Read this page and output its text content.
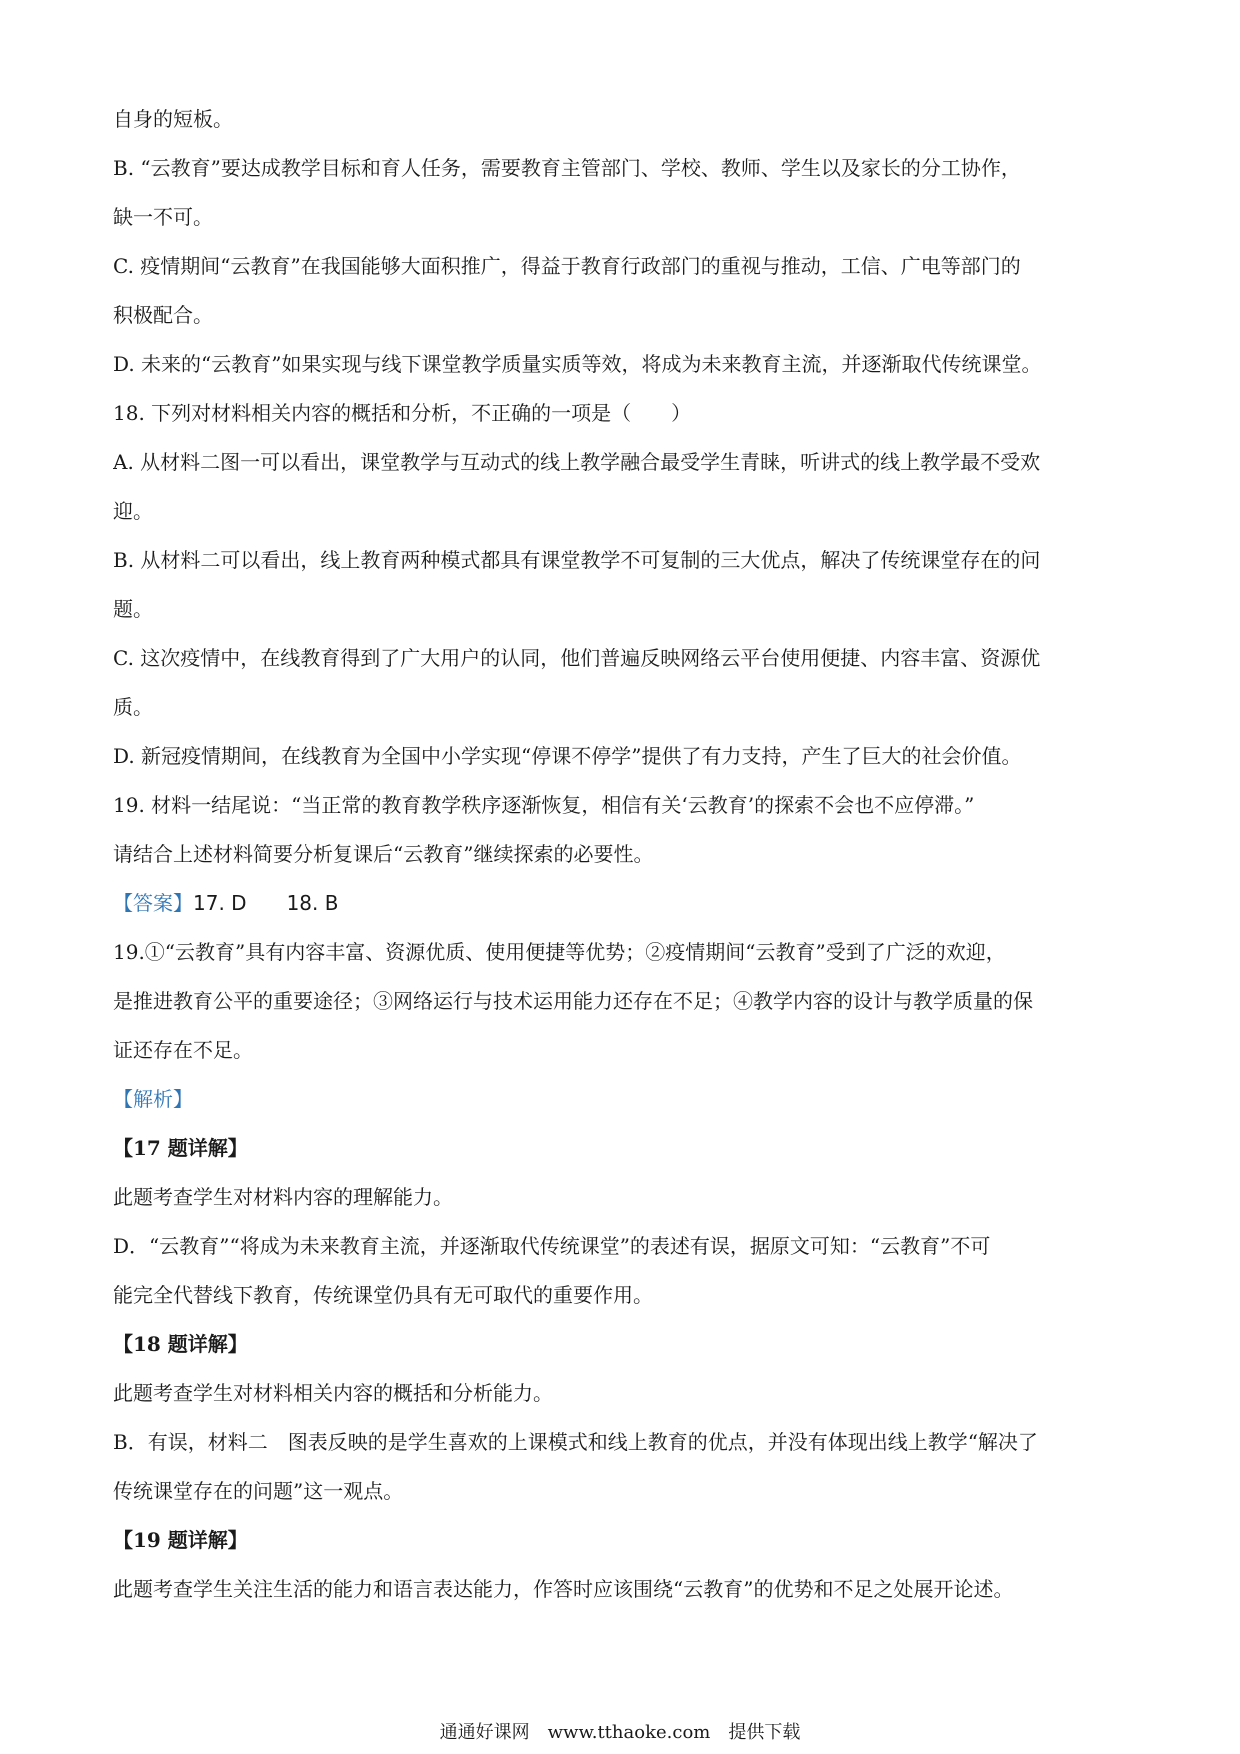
自身的短板。
B. “云教育”要达成教学目标和育人任务，需要教育主管部门、学校、教师、学生以及家长的分工协作，
缺一不可。
C. 疫情期间“云教育”在我国能够大面积推广，得益于教育行政部门的重视与推动，工信、广电等部门的
积极配合。
D. 未来的“云教育”如果实现与线下课堂教学质量实质等效，将成为未来教育主流，并逐渐取代传统课堂。
18. 下列对材料相关内容的概括和分析，不正确的一项是（　　）
A. 从材料二图一可以看出，课堂教学与互动式的线上教学融合最受学生青睐，听讲式的线上教学最不受欢
迎。
B. 从材料二可以看出，线上教育两种模式都具有课堂教学不可复制的三大优点，解决了传统课堂存在的问
题。
C. 这次疫情中，在线教育得到了广大用户的认同，他们普遍反映网络云平台使用便捷、内容丰富、资源优
质。
D. 新冠疫情期间，在线教育为全国中小学实现“停课不停学”提供了有力支持，产生了巨大的社会价值。
19. 材料一结尾说：“当正常的教育教学秩序逐渐恢复，相信有关‘云教育’的探索不会也不应停滞。”
请结合上述材料简要分析复课后“云教育”继续探索的必要性。
【答案】17. D　　18. B
19.①“云教育”具有内容丰富、资源优质、使用便捷等优势；②疫情期间“云教育”受到了广泛的欢迎，
是推进教育公平的重要途径；③网络运行与技术运用能力还存在不足；④教学内容的设计与教学质量的保
证还存在不足。
【解析】
【17 题详解】
此题考查学生对材料内容的理解能力。
D．“云教育”“将成为未来教育主流，并逐渐取代传统课堂”的表述有误，据原文可知：“云教育”不可
能完全代替线下教育，传统课堂仍具有无可取代的重要作用。
【18 题详解】
此题考查学生对材料相关内容的概括和分析能力。
B．有误，材料二　图表反映的是学生喜欢的上课模式和线上教育的优点，并没有体现出线上教学“解决了
传统课堂存在的问题”这一观点。
【19 题详解】
此题考查学生关注生活的能力和语言表达能力，作答时应该围绕“云教育”的优势和不足之处展开论述。
通通好课网　www.tthaoke.com　提供下载
